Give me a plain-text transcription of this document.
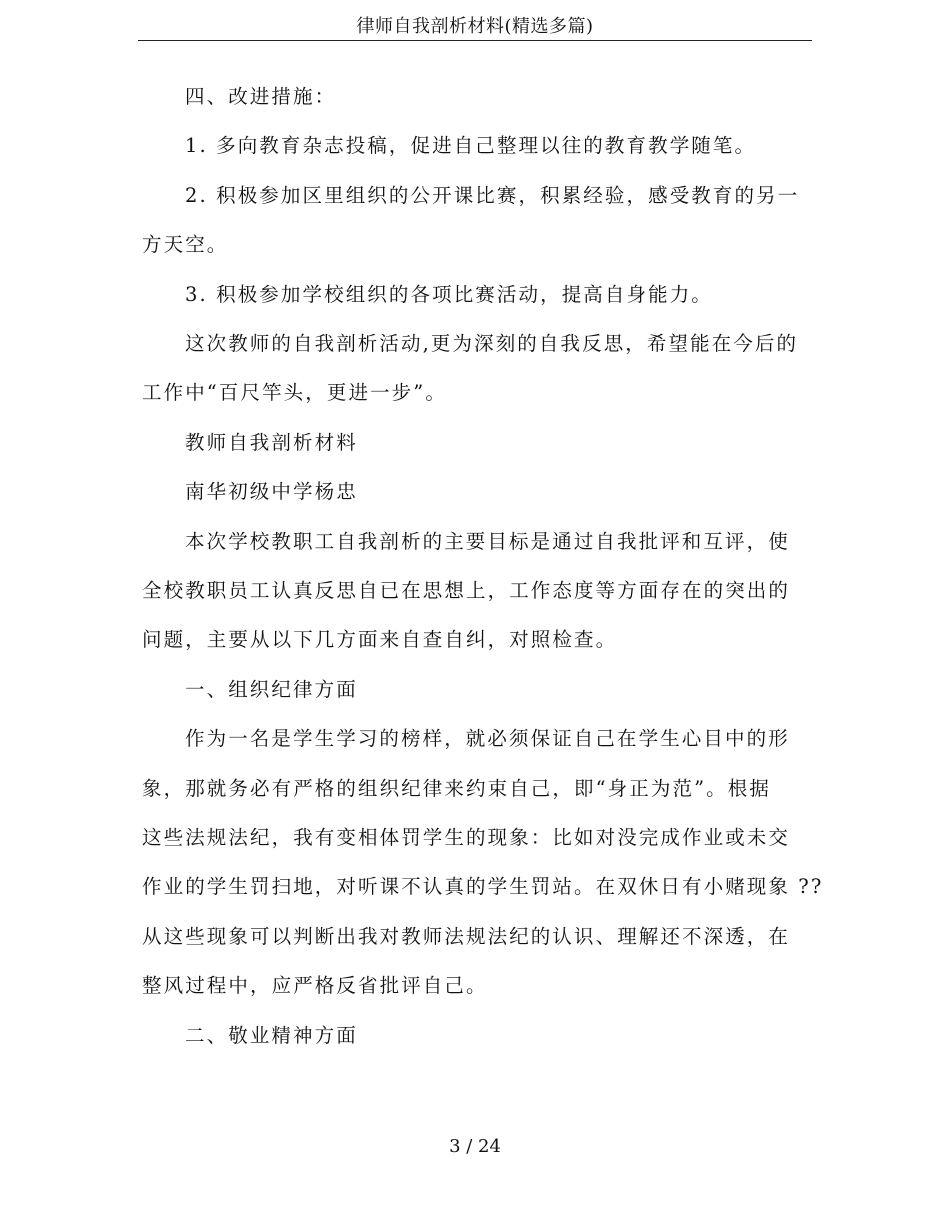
律师自我剖析材料(精选多篇)
四、改进措施：
1. 多向教育杂志投稿，促进自己整理以往的教育教学随笔。
2. 积极参加区里组织的公开课比赛，积累经验，感受教育的另一
方天空。
3. 积极参加学校组织的各项比赛活动，提高自身能力。
这次教师的自我剖析活动,更为深刻的自我反思，希望能在今后的
工作中“百尺竿头，更进一步”。
教师自我剖析材料
南华初级中学杨忠
本次学校教职工自我剖析的主要目标是通过自我批评和互评，使
全校教职员工认真反思自已在思想上，工作态度等方面存在的突出的
问题，主要从以下几方面来自查自纠，对照检查。
一、组织纪律方面
作为一名是学生学习的榜样，就必须保证自己在学生心目中的形
象，那就务必有严格的组织纪律来约束自己，即“身正为范”。根据
这些法规法纪，我有变相体罚学生的现象：比如对没完成作业或未交
作业的学生罚扫地，对听课不认真的学生罚站。在双休日有小赌现象 ??
从这些现象可以判断出我对教师法规法纪的认识、理解还不深透，在
整风过程中，应严格反省批评自己。
二、敬业精神方面
3 / 24
